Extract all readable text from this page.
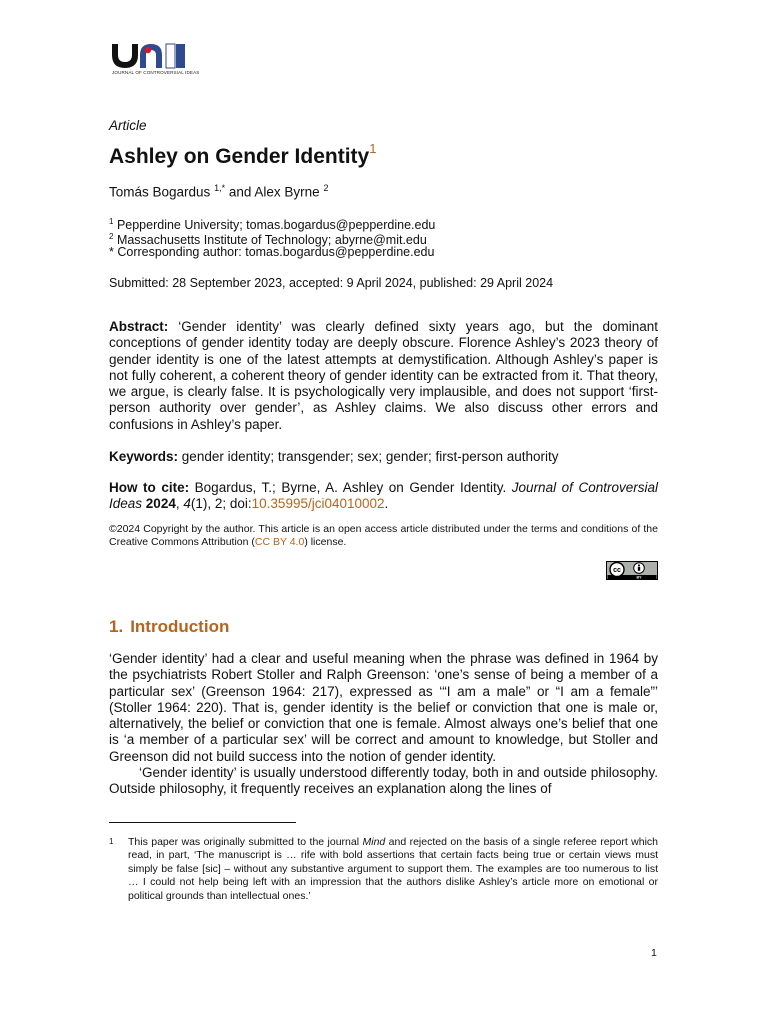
JOURNAL OF CONTROVERSIAL IDEAS
Article
Ashley on Gender Identity$^1$
Tomás Bogardus $^{1,*}$ and Alex Byrne $^2$
$^1$ Pepperdine University; tomas.bogardus@pepperdine.edu
$^2$ Massachusetts Institute of Technology; abyrne@mit.edu
* Corresponding author: tomas.bogardus@pepperdine.edu
Submitted: 28 September 2023, accepted: 9 April 2024, published: 29 April 2024
Abstract: ‘Gender identity’ was clearly defined sixty years ago, but the dominant conceptions of gender identity today are deeply obscure. Florence Ashley’s 2023 theory of gender identity is one of the latest attempts at demystification. Although Ashley’s paper is not fully coherent, a coherent theory of gender identity can be extracted from it. That theory, we argue, is clearly false. It is psychologically very implausible, and does not support ‘first-person authority over gender’, as Ashley claims. We also discuss other errors and confusions in Ashley’s paper.
Keywords: gender identity; transgender; sex; gender; first-person authority
How to cite: Bogardus, T.; Byrne, A. Ashley on Gender Identity. Journal of Controversial Ideas 2024, 4(1), 2; doi:10.35995/jci04010002.
©2024 Copyright by the author. This article is an open access article distributed under the terms and conditions of the Creative Commons Attribution (CC BY 4.0) license.
cc
BY
1. Introduction

‘Gender identity’ had a clear and useful meaning when the phrase was defined in 1964 by the psychiatrists Robert Stoller and Ralph Greenson: ‘one’s sense of being a member of a particular sex’ (Greenson 1964: 217), expressed as ‘“I am a male” or “I am a female”’ (Stoller 1964: 220). That is, gender identity is the belief or conviction that one is male or, alternatively, the belief or conviction that one is female. Almost always one’s belief that one is ‘a member of a particular sex’ will be correct and amount to knowledge, but Stoller and Greenson did not build success into the notion of gender identity.

‘Gender identity’ is usually understood differently today, both in and outside philosophy. Outside philosophy, it frequently receives an explanation along the lines of

1 This paper was originally submitted to the journal Mind and rejected on the basis of a single referee report which read, in part, ‘The manuscript is … rife with bold assertions that certain facts being true or certain views must simply be false [sic] – without any substantive argument to support them. The examples are too numerous to list … I could not help being left with an impression that the authors dislike Ashley’s article more on emotional or political grounds than intellectual ones.’
1
